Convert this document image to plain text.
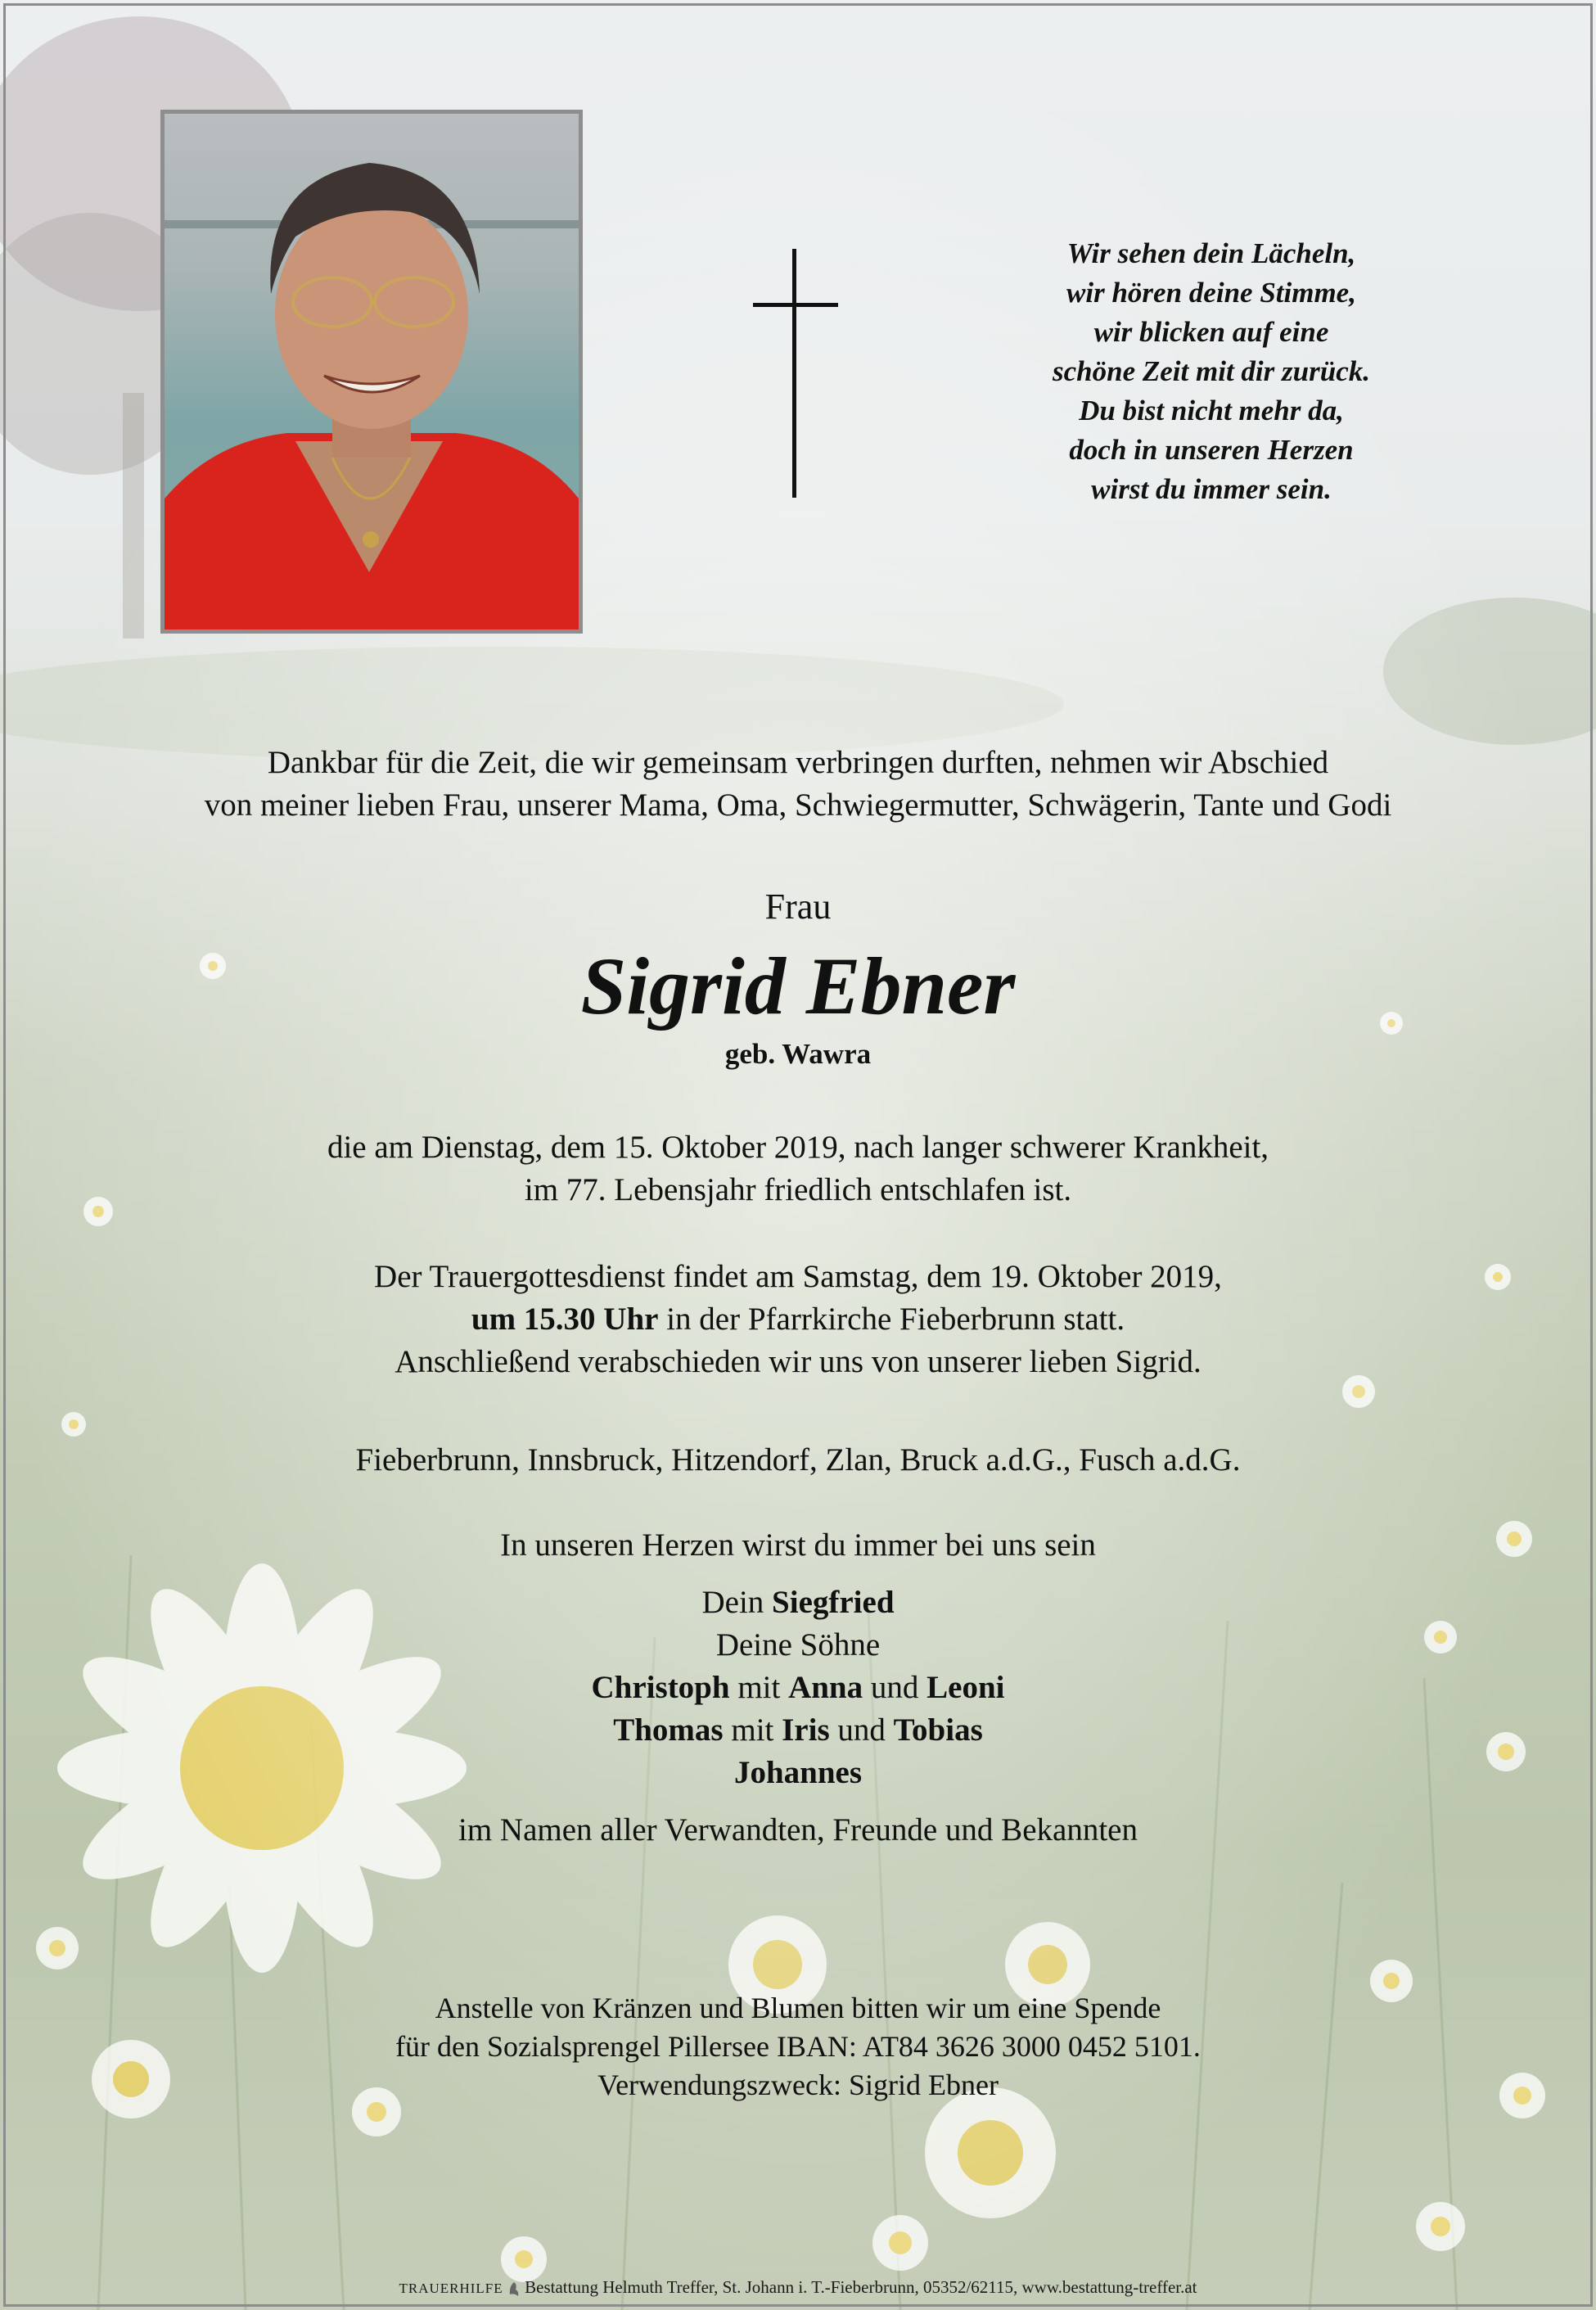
Wir sehen dein Lächeln,

wir hören deine Stimme,

wir blicken auf eine

schöne Zeit mit dir zurück.

Du bist nicht mehr da,

doch in unseren Herzen

wirst du immer sein.

Dankbar für die Zeit, die wir gemeinsam verbringen durften, nehmen wir Abschied
von meiner lieben Frau, unserer Mama, Oma, Schwiegermutter, Schwägerin, Tante und Godi
Frau
Sigrid Ebner
geb. Wawra
die am Dienstag, dem 15. Oktober 2019, nach langer schwerer Krankheit,
im 77. Lebensjahr friedlich entschlafen ist.
Der Trauergottesdienst findet am Samstag, dem 19. Oktober 2019,
um 15.30 Uhr in der Pfarrkirche Fieberbrunn statt.
Anschließend verabschieden wir uns von unserer lieben Sigrid.
Fieberbrunn, Innsbruck, Hitzendorf, Zlan, Bruck a.d.G., Fusch a.d.G.
In unseren Herzen wirst du immer bei uns sein
Dein Siegfried
Deine Söhne
Christoph mit Anna und Leoni
Thomas mit Iris und Tobias
Johannes
im Namen aller Verwandten, Freunde und Bekannten
Anstelle von Kränzen und Blumen bitten wir um eine Spende
für den Sozialsprengel Pillersee IBAN: AT84 3626 3000 0452 5101.
Verwendungszweck: Sigrid Ebner
TRAUERHILFE Bestattung Helmuth Treffer, St. Johann i. T.-Fieberbrunn, 05352/62115, www.bestattung-treffer.at
